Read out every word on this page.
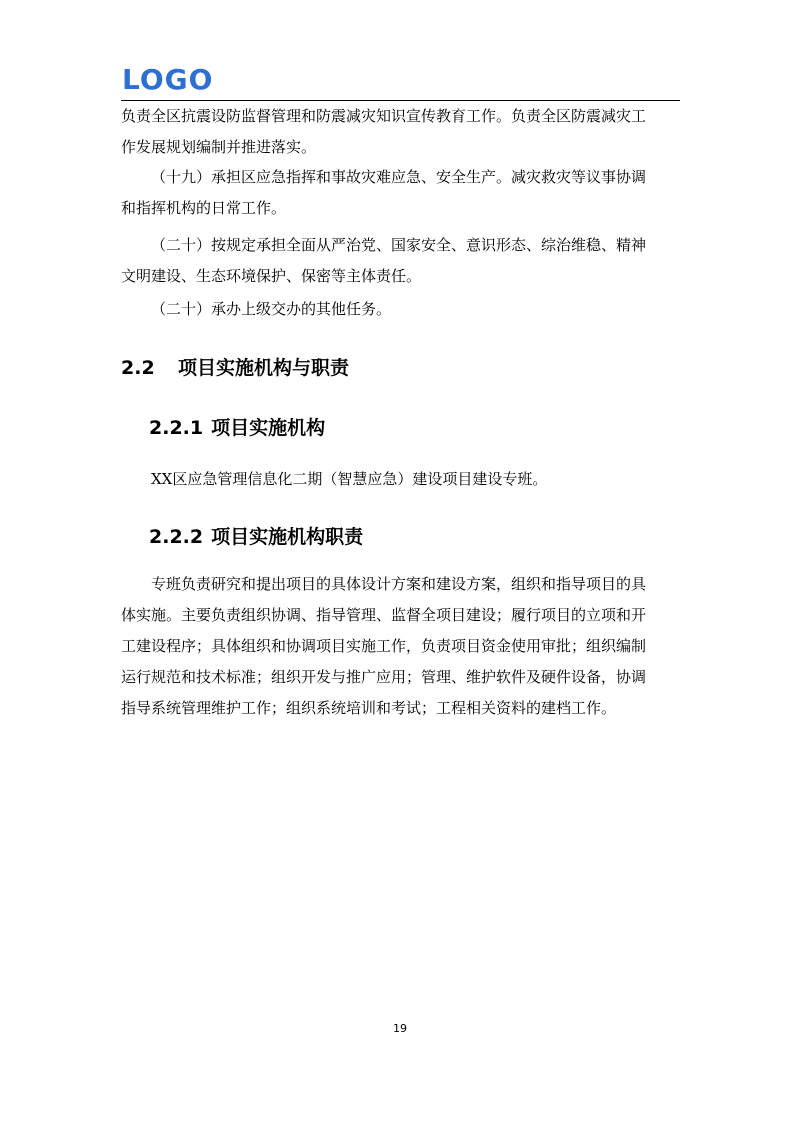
LOGO

负责全区抗震设防监督管理和防震减灾知识宣传教育工作。负责全区防震减灾工
作发展规划编制并推进落实。

（十九）承担区应急指挥和事故灾难应急、安全生产。减灾救灾等议事协调
和指挥机构的日常工作。

（二十）按规定承担全面从严治党、国家安全、意识形态、综治维稳、精神
文明建设、生态环境保护、保密等主体责任。

（二十）承办上级交办的其他任务。

2.2 项目实施机构与职责
2.2.1 项目实施机构

XX区应急管理信息化二期（智慧应急）建设项目建设专班。

2.2.2 项目实施机构职责

专班负责研究和提出项目的具体设计方案和建设方案，组织和指导项目的具
体实施。主要负责组织协调、指导管理、监督全项目建设；履行项目的立项和开
工建设程序；具体组织和协调项目实施工作，负责项目资金使用审批；组织编制
运行规范和技术标准；组织开发与推广应用；管理、维护软件及硬件设备，协调
指导系统管理维护工作；组织系统培训和考试；工程相关资料的建档工作。

19
